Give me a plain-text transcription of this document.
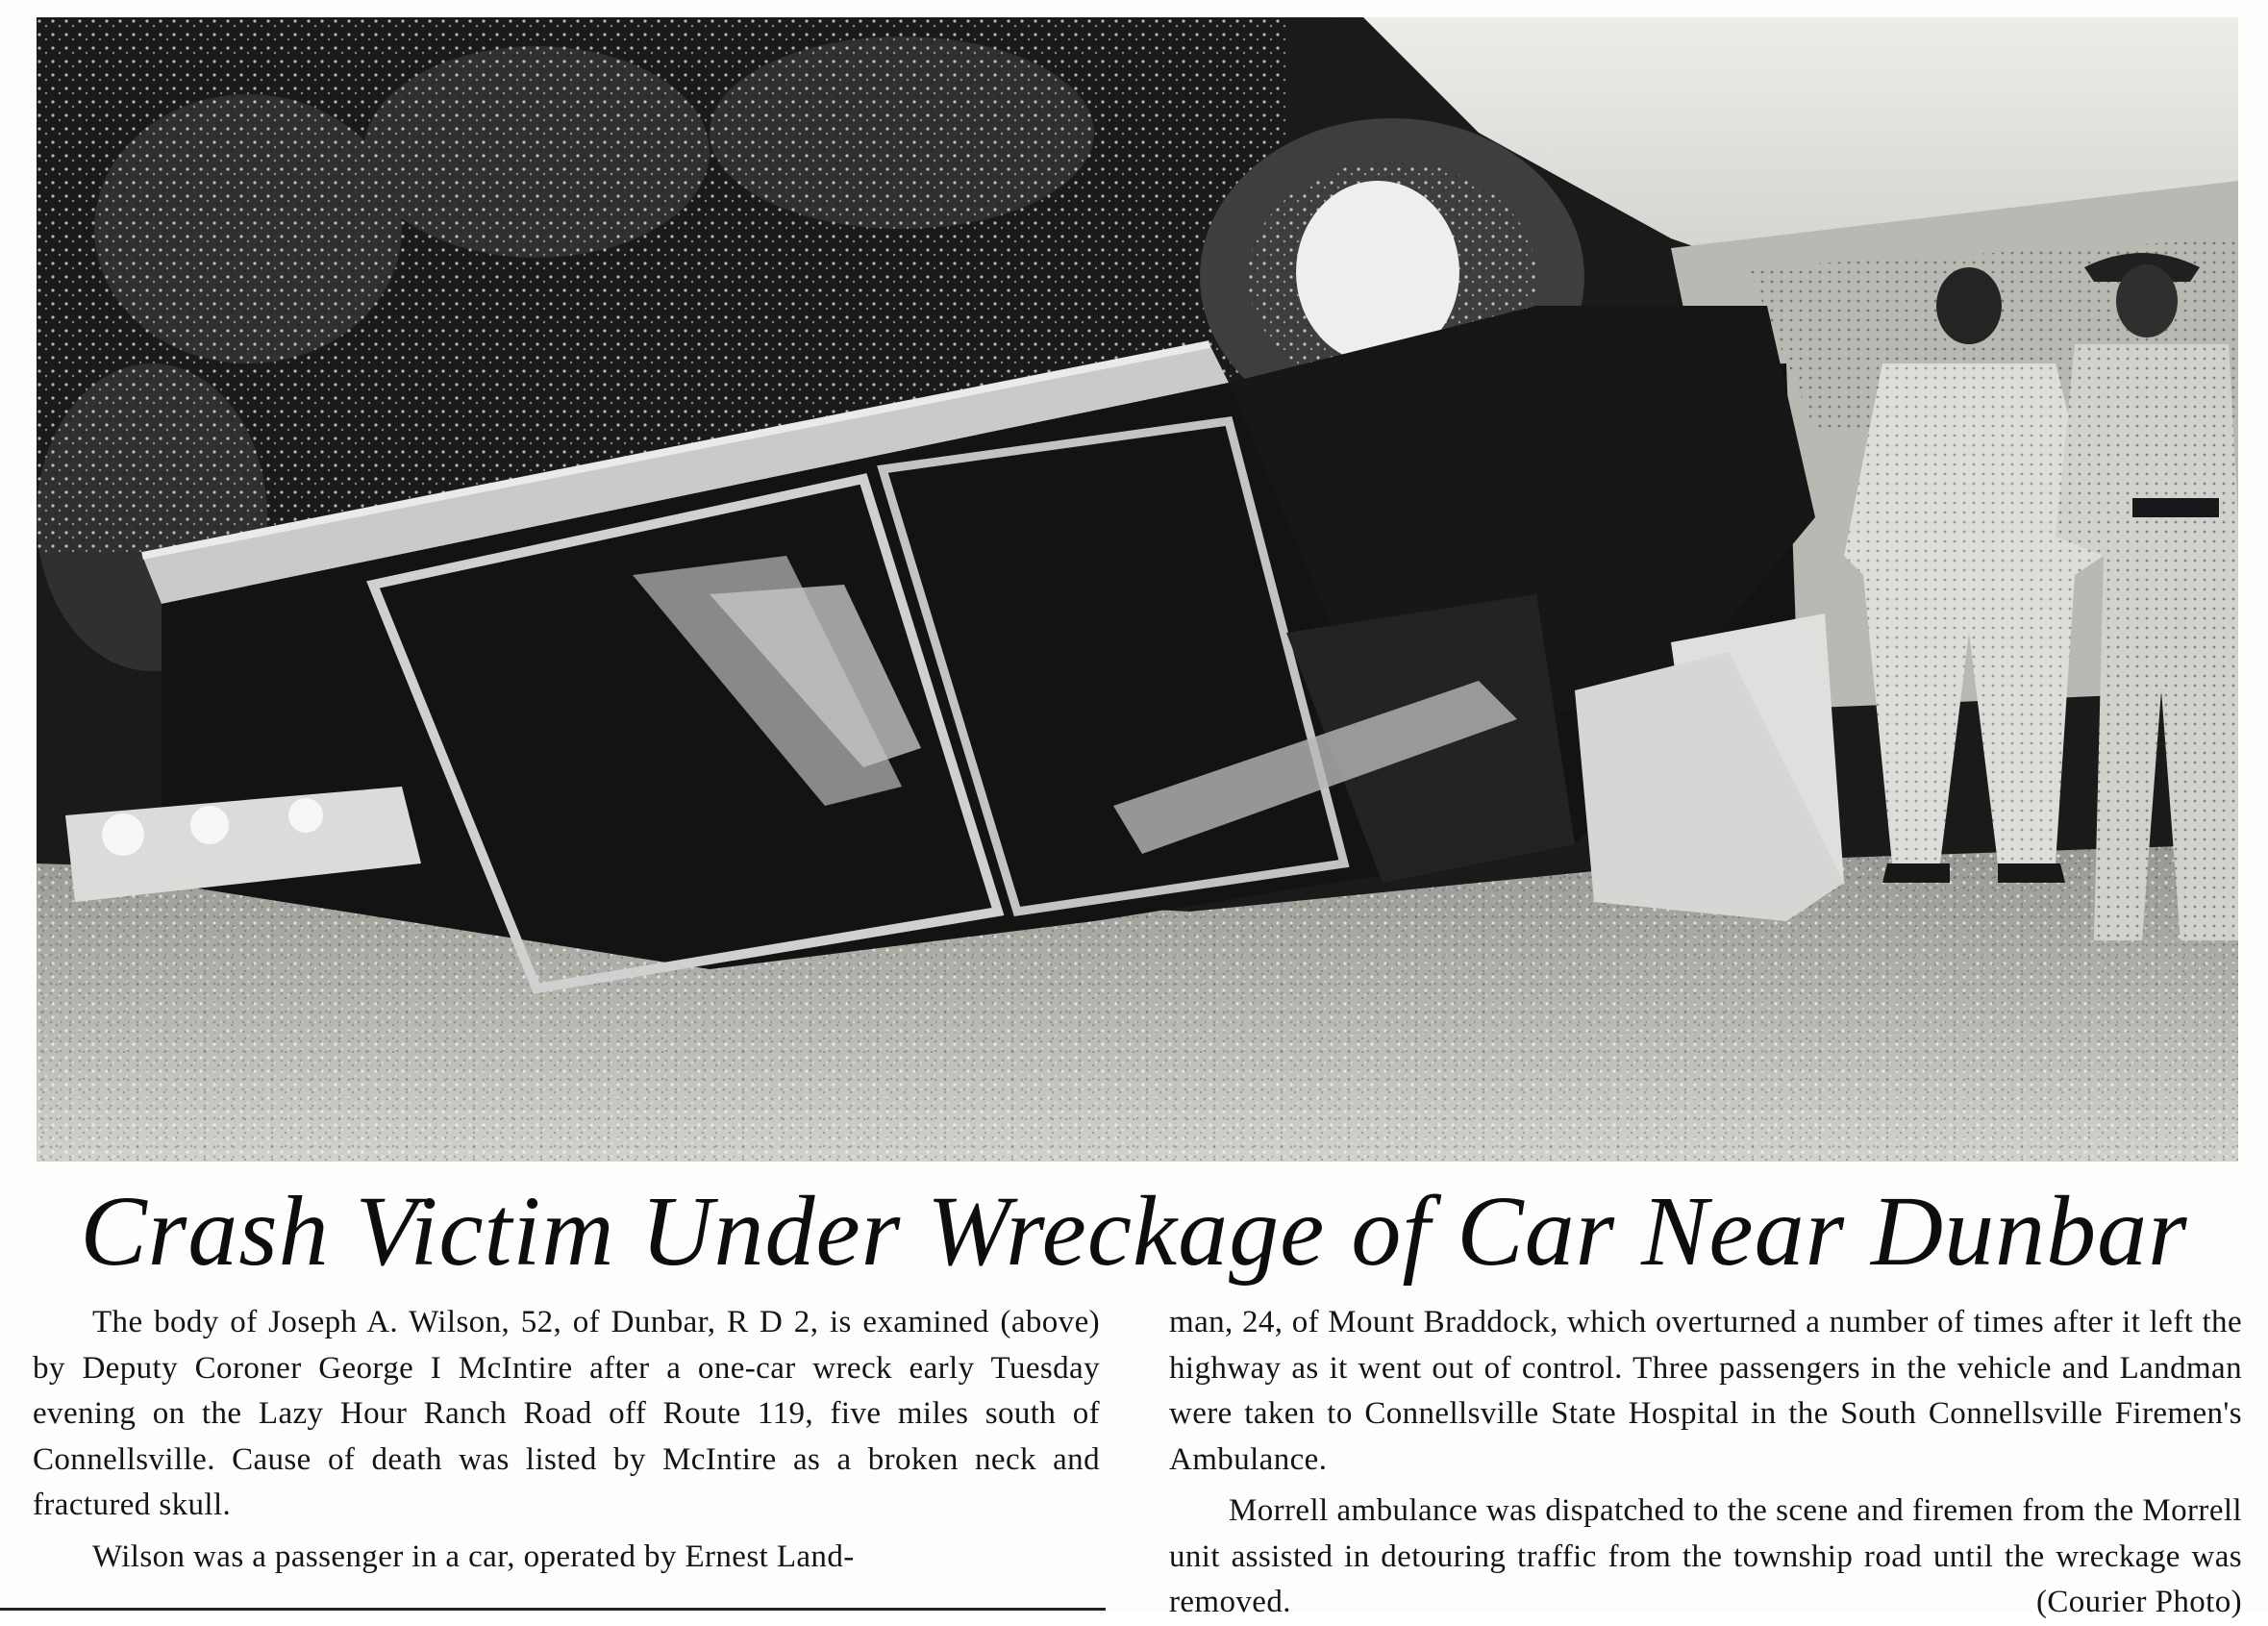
Crash Victim Under Wreckage of Car Near Dunbar

The body of Joseph A. Wilson, 52, of Dunbar, R D 2, is examined (above) by Deputy Coroner George I McIntire after a one-car wreck early Tuesday evening on the Lazy Hour Ranch Road off Route 119, five miles south of Connellsville. Cause of death was listed by McIntire as a broken neck and fractured skull.

Wilson was a passenger in a car, operated by Ernest Land-

man, 24, of Mount Braddock, which overturned a number of times after it left the highway as it went out of control. Three passengers in the vehicle and Landman were taken to Connellsville State Hospital in the South Connellsville Firemen's Ambulance.

Morrell ambulance was dispatched to the scene and firemen from the Morrell unit assisted in detouring traffic from the township road until the wreckage was removed.	(Courier Photo)
